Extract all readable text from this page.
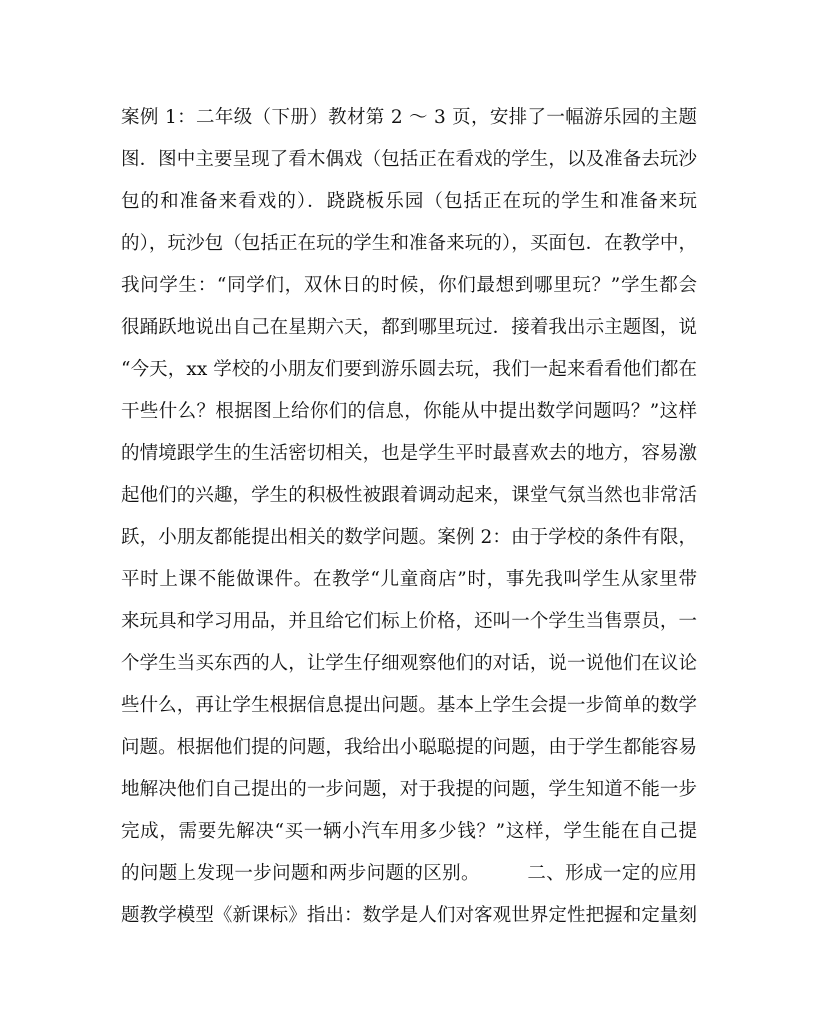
案例 1：二年级（下册）教材第 2 ～ 3 页，安排了一幅游乐园的主题
图．图中主要呈现了看木偶戏（包括正在看戏的学生，以及准备去玩沙
包的和准备来看戏的）．跷跷板乐园（包括正在玩的学生和准备来玩
的），玩沙包（包括正在玩的学生和准备来玩的），买面包．在教学中，
我问学生：“同学们，双休日的时候，你们最想到哪里玩？”学生都会
很踊跃地说出自己在星期六天，都到哪里玩过．接着我出示主题图，说
“今天，xx 学校的小朋友们要到游乐圆去玩，我们一起来看看他们都在
干些什么？根据图上给你们的信息，你能从中提出数学问题吗？”这样
的情境跟学生的生活密切相关，也是学生平时最喜欢去的地方，容易激
起他们的兴趣，学生的积极性被跟着调动起来，课堂气氛当然也非常活
跃，小朋友都能提出相关的数学问题。案例 2：由于学校的条件有限，
平时上课不能做课件。在教学“儿童商店”时，事先我叫学生从家里带
来玩具和学习用品，并且给它们标上价格，还叫一个学生当售票员，一
个学生当买东西的人，让学生仔细观察他们的对话，说一说他们在议论
些什么，再让学生根据信息提出问题。基本上学生会提一步简单的数学
问题。根据他们提的问题，我给出小聪聪提的问题，由于学生都能容易
地解决他们自己提出的一步问题，对于我提的问题，学生知道不能一步
完成，需要先解决“买一辆小汽车用多少钱？”这样，学生能在自己提
的问题上发现一步问题和两步问题的区别。　　　二、形成一定的应用
题教学模型《新课标》指出：数学是人们对客观世界定性把握和定量刻
